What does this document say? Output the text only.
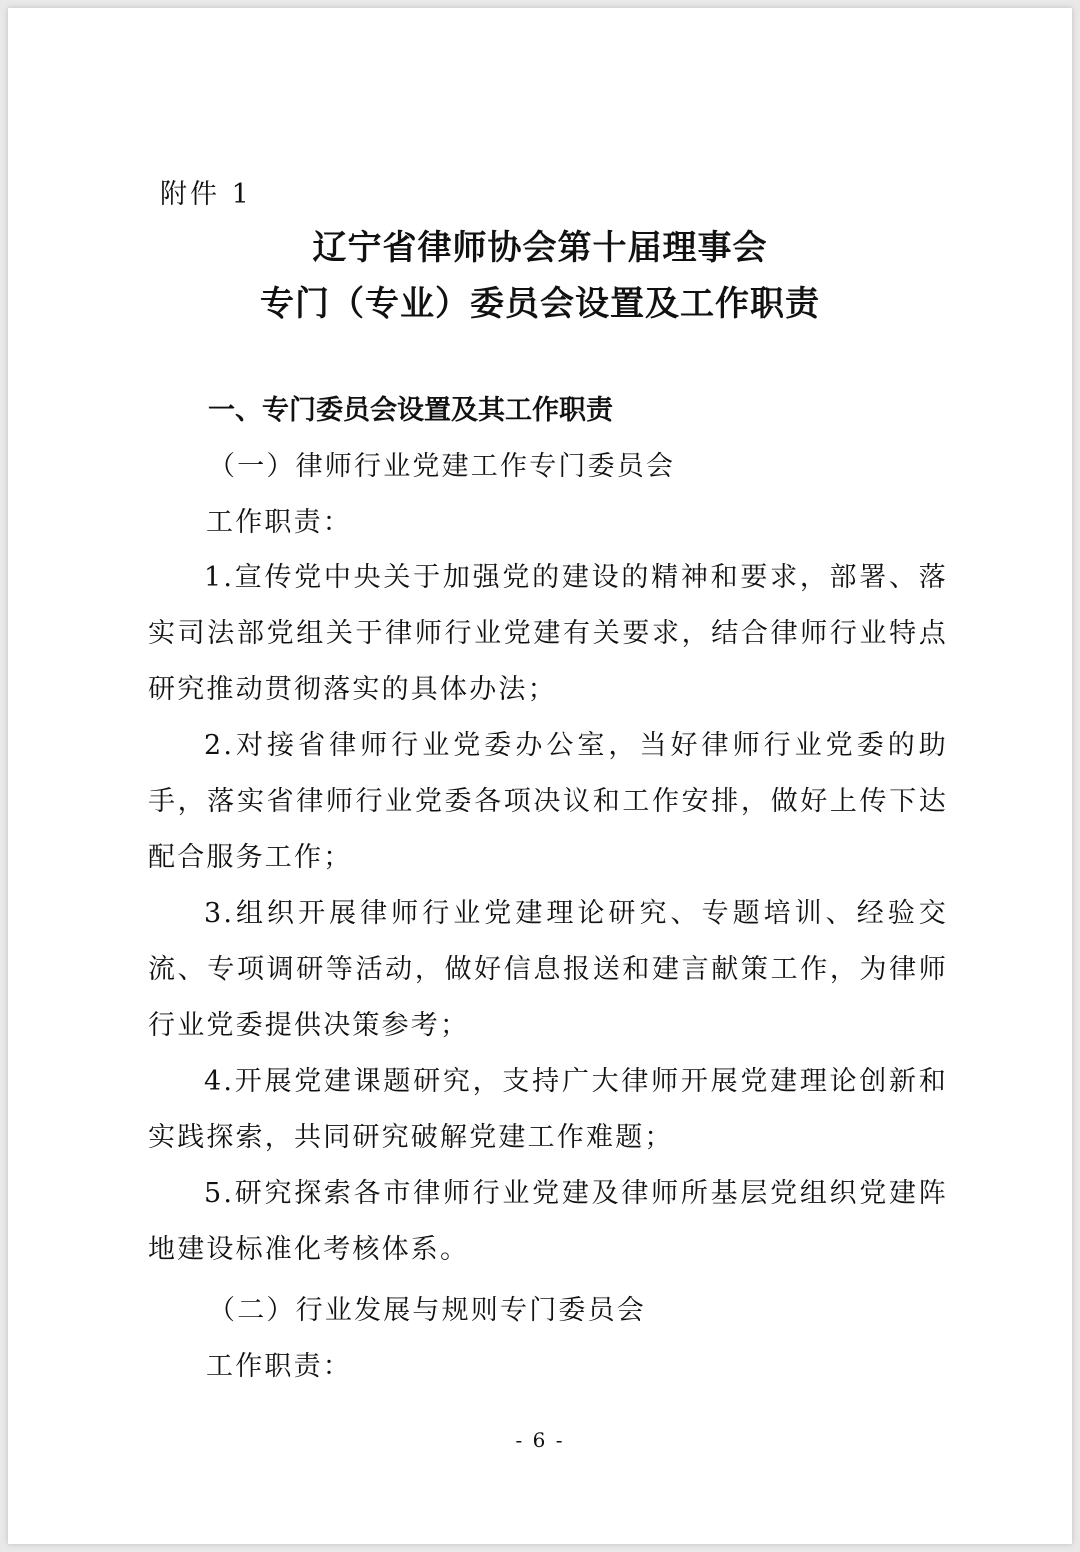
附件 1

辽宁省律师协会第十届理事会
专门（专业）委员会设置及工作职责
一、专门委员会设置及其工作职责

（一）律师行业党建工作专门委员会

工作职责：

1.宣传党中央关于加强党的建设的精神和要求，部署、落实司法部党组关于律师行业党建有关要求，结合律师行业特点研究推动贯彻落实的具体办法；

2.对接省律师行业党委办公室，当好律师行业党委的助手，落实省律师行业党委各项决议和工作安排，做好上传下达配合服务工作；

3.组织开展律师行业党建理论研究、专题培训、经验交流、专项调研等活动，做好信息报送和建言献策工作，为律师行业党委提供决策参考；

4.开展党建课题研究，支持广大律师开展党建理论创新和实践探索，共同研究破解党建工作难题；

5.研究探索各市律师行业党建及律师所基层党组织党建阵地建设标准化考核体系。

（二）行业发展与规则专门委员会

工作职责：

- 6 -
